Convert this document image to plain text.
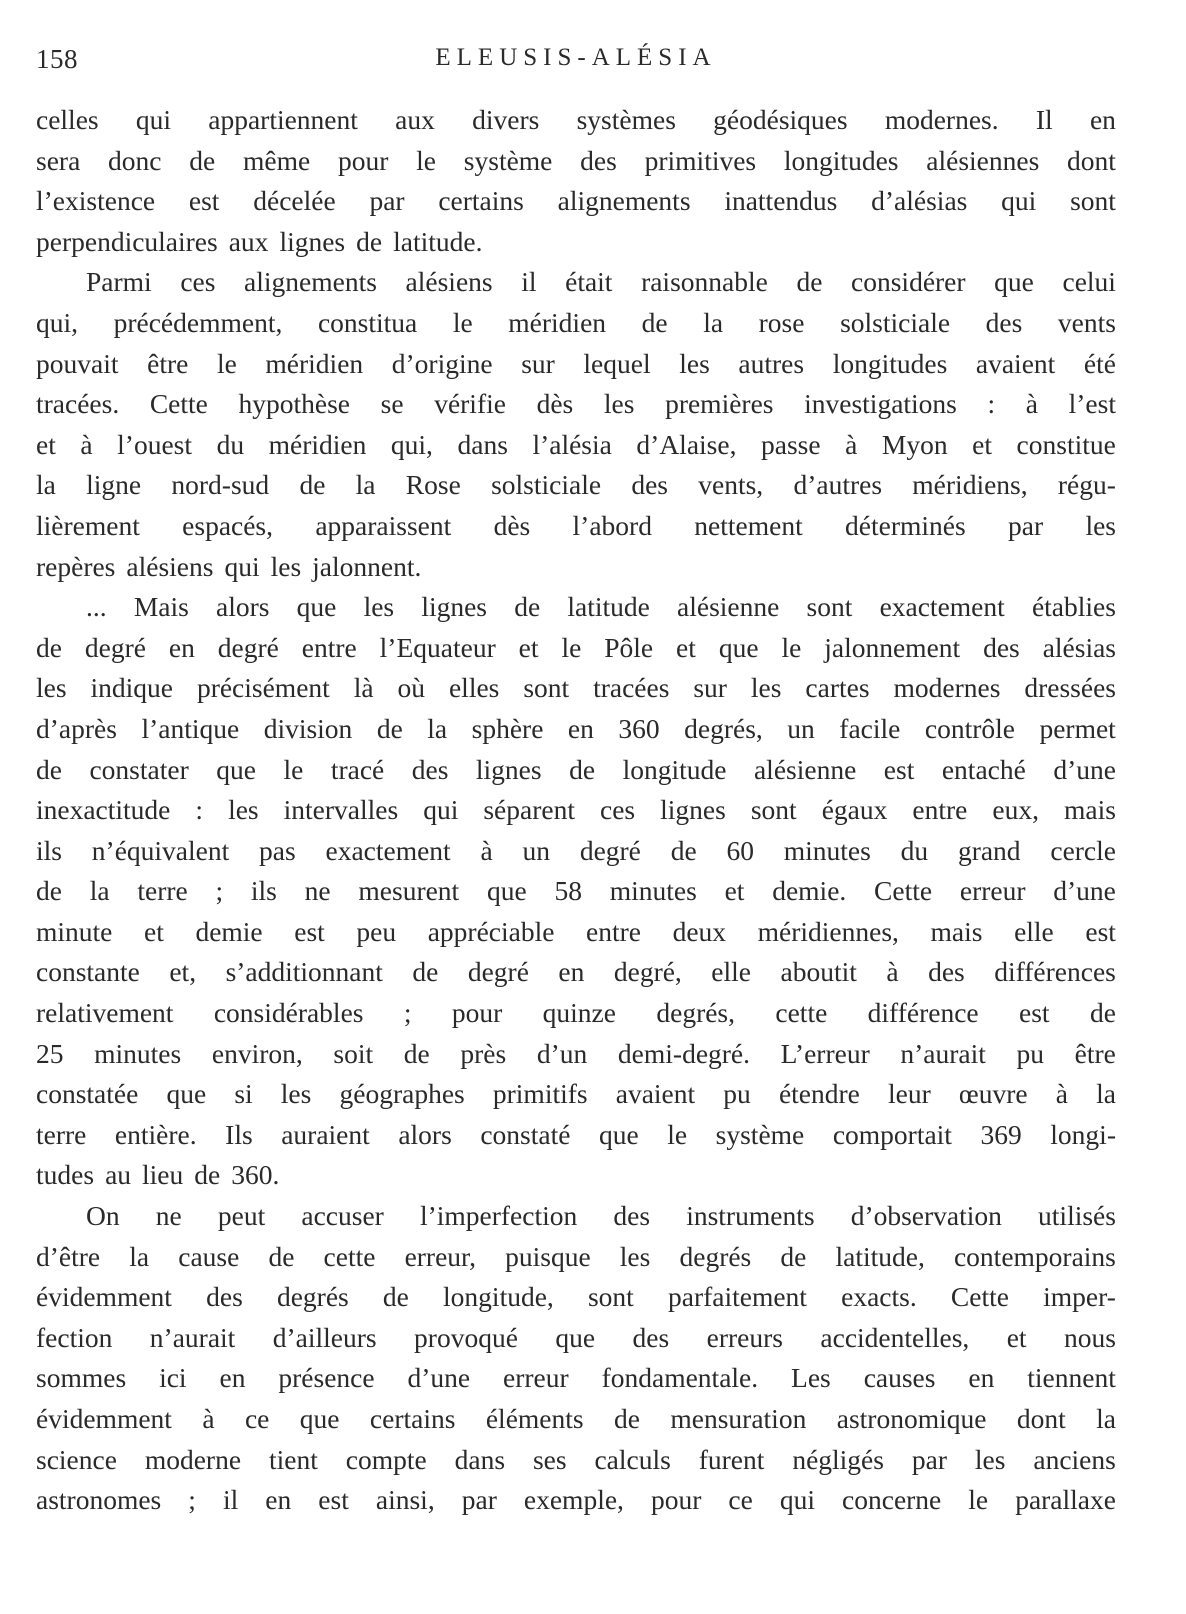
158	ELEUSIS-ALÉSIA
celles qui appartiennent aux divers systèmes géodésiques modernes. Il en
sera donc de même pour le système des primitives longitudes alésiennes dont
l’existence est décelée par certains alignements inattendus d’alésias qui sont
perpendiculaires aux lignes de latitude.
Parmi ces alignements alésiens il était raisonnable de considérer que celui
qui, précédemment, constitua le méridien de la rose solsticiale des vents
pouvait être le méridien d’origine sur lequel les autres longitudes avaient été
tracées. Cette hypothèse se vérifie dès les premières investigations : à l’est
et à l’ouest du méridien qui, dans l’alésia d’Alaise, passe à Myon et constitue
la ligne nord-sud de la Rose solsticiale des vents, d’autres méridiens, régu-
lièrement espacés, apparaissent dès l’abord nettement déterminés par les
repères alésiens qui les jalonnent.
... Mais alors que les lignes de latitude alésienne sont exactement établies
de degré en degré entre l’Equateur et le Pôle et que le jalonnement des alésias
les indique précisément là où elles sont tracées sur les cartes modernes dressées
d’après l’antique division de la sphère en 360 degrés, un facile contrôle permet
de constater que le tracé des lignes de longitude alésienne est entaché d’une
inexactitude : les intervalles qui séparent ces lignes sont égaux entre eux, mais
ils n’équivalent pas exactement à un degré de 60 minutes du grand cercle
de la terre ; ils ne mesurent que 58 minutes et demie. Cette erreur d’une
minute et demie est peu appréciable entre deux méridiennes, mais elle est
constante et, s’additionnant de degré en degré, elle aboutit à des différences
relativement considérables ; pour quinze degrés, cette différence est de
25 minutes environ, soit de près d’un demi-degré. L’erreur n’aurait pu être
constatée que si les géographes primitifs avaient pu étendre leur œuvre à la
terre entière. Ils auraient alors constaté que le système comportait 369 longi-
tudes au lieu de 360.
On ne peut accuser l’imperfection des instruments d’observation utilisés
d’être la cause de cette erreur, puisque les degrés de latitude, contemporains
évidemment des degrés de longitude, sont parfaitement exacts. Cette imper-
fection n’aurait d’ailleurs provoqué que des erreurs accidentelles, et nous
sommes ici en présence d’une erreur fondamentale. Les causes en tiennent
évidemment à ce que certains éléments de mensuration astronomique dont la
science moderne tient compte dans ses calculs furent négligés par les anciens
astronomes ; il en est ainsi, par exemple, pour ce qui concerne le parallaxe
